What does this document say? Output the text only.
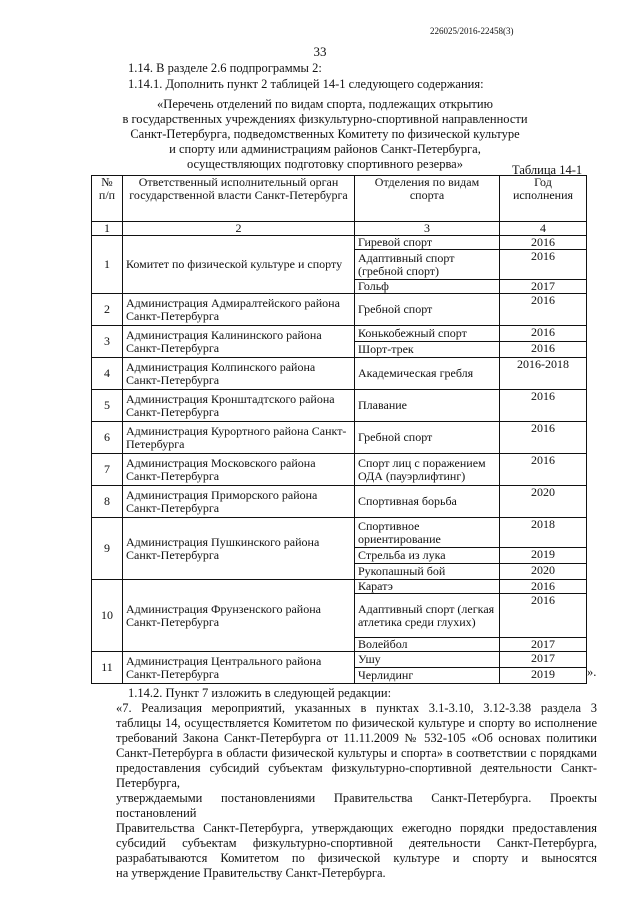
226025/2016-22458(3)
33
1.14. В разделе 2.6 подпрограммы 2:
1.14.1. Дополнить пункт 2 таблицей 14-1 следующего содержания:
«Перечень отделений по видам спорта, подлежащих открытию
в государственных учреждениях физкультурно-спортивной направленности
Санкт-Петербурга, подведомственных Комитету по физической культуре
и спорту или администрациям районов Санкт-Петербурга,
осуществляющих подготовку спортивного резерва»	Таблица 14-1
№ п/п	Ответственный исполнительный орган государственной власти Санкт-Петербурга	Отделения по видам спорта	Год исполнения
1	2	3	4
1	Комитет по физической культуре и спорту	Гиревой спорт	2016
		Адаптивный спорт (гребной спорт)	2016
		Гольф	2017
2	Администрация Адмиралтейского района Санкт-Петербурга	Гребной спорт	2016
3	Администрация Калининского района Санкт-Петербурга	Конькобежный спорт	2016
		Шорт-трек	2016
4	Администрация Колпинского района Санкт-Петербурга	Академическая гребля	2016-2018
5	Администрация Кронштадтского района Санкт-Петербурга	Плавание	2016
6	Администрация Курортного района Санкт-Петербурга	Гребной спорт	2016
7	Администрация Московского района Санкт-Петербурга	Спорт лиц с поражением ОДА (пауэрлифтинг)	2016
8	Администрация Приморского района Санкт-Петербурга	Спортивная борьба	2020
9	Администрация Пушкинского района Санкт-Петербурга	Спортивное ориентирование	2018
		Стрельба из лука	2019
		Рукопашный бой	2020
10	Администрация Фрунзенского района Санкт-Петербурга	Каратэ	2016
		Адаптивный спорт (легкая атлетика среди глухих)	2016
		Волейбол	2017
11	Администрация Центрального района Санкт-Петербурга	Ушу	2017
		Черлидинг	2019	».
1.14.2. Пункт 7 изложить в следующей редакции:
«7. Реализация мероприятий, указанных в пунктах 3.1-3.10, 3.12-3.38 раздела 3
таблицы 14, осуществляется Комитетом по физической культуре и спорту во исполнение
требований Закона Санкт-Петербурга от 11.11.2009 № 532-105 «Об основах политики
Санкт-Петербурга в области физической культуры и спорта» в соответствии с порядками
предоставления субсидий субъектам физкультурно-спортивной деятельности Санкт-Петербурга,
утверждаемыми постановлениями Правительства Санкт-Петербурга. Проекты постановлений
Правительства Санкт-Петербурга, утверждающих ежегодно порядки предоставления
субсидий субъектам физкультурно-спортивной деятельности Санкт-Петербурга,
разрабатываются Комитетом по физической культуре и спорту и выносятся
на утверждение Правительству Санкт-Петербурга.
